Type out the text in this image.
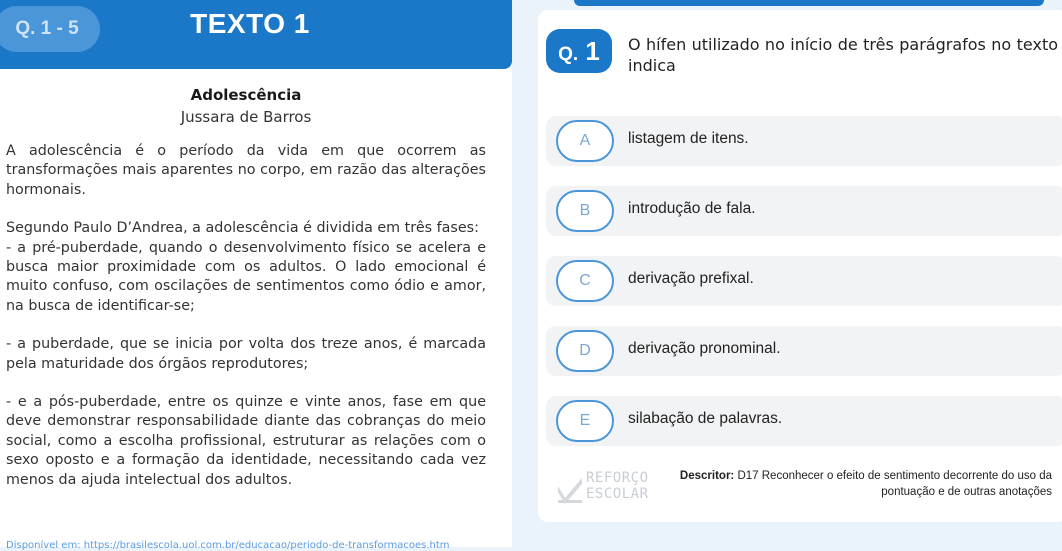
Q. 1 - 5	TEXTO 1
Adolescência
Jussara de Barros

A adolescência é o período da vida em que ocorrem as transformações mais aparentes no corpo, em razão das alterações hormonais.

Segundo Paulo D’Andrea, a adolescência é dividida em três fases:

- a pré-puberdade, quando o desenvolvimento físico se acelera e busca maior proximidade com os adultos. O lado emocional é muito confuso, com oscilações de sentimentos como ódio e amor, na busca de identificar-se;

- a puberdade, que se inicia por volta dos treze anos, é marcada pela maturidade dos órgãos reprodutores;

- e a pós-puberdade, entre os quinze e vinte anos, fase em que deve demonstrar responsabilidade diante das cobranças do meio social, como a escolha profissional, estruturar as relações com o sexo oposto e a formação da identidade, necessitando cada vez menos da ajuda intelectual dos adultos.

Disponível em: https://brasilescola.uol.com.br/educacao/periodo-de-transformacoes.htm
Q. 1	O hífen utilizado no início de três parágrafos no texto indica
A	listagem de itens.
B	introdução de fala.
C	derivação prefixal.
D	derivação pronominal.
E	silabação de palavras.
REFORÇO
ESCOLAR
Descritor: D17 Reconhecer o efeito de sentimento decorrente do uso da pontuação e de outras anotações
